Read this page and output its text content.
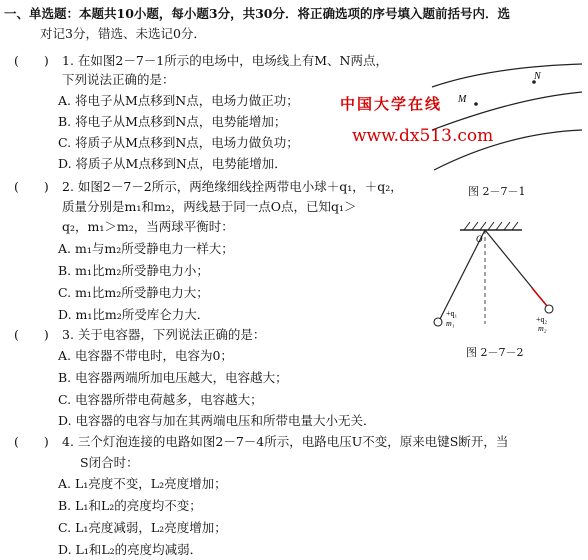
一、单选题：本题共10小题，每小题3分，共30分．将正确选项的序号填入题前括号内．选
对记3分，错选、未选记0分．
(　　) 1. 在如图2－7－1所示的电场中，电场线上有M、N两点，
下列说法正确的是：
A. 将电子从M点移到N点，电场力做正功；
B. 将电子从M点移到N点，电势能增加；
C. 将质子从M点移到N点，电场力做负功；
D. 将质子从M点移到N点，电势能增加．
(　　) 2. 如图2－7－2所示，两绝缘细线拴两带电小球＋q₁，＋q₂，
质量分别是m₁和m₂，两线悬于同一点O点，已知q₁＞
q₂，m₁＞m₂，当两球平衡时：
A. m₁与m₂所受静电力一样大；
B. m₁比m₂所受静电力小；
C. m₁比m₂所受静电力大；
D. m₁比m₂所受库仑力大．
(　　) 3. 关于电容器，下列说法正确的是：
A. 电容器不带电时，电容为0；
B. 电容器两端所加电压越大，电容越大；
C. 电容器所带电荷越多，电容越大；
D. 电容器的电容与加在其两端电压和所带电量大小无关．
(　　) 4. 三个灯泡连接的电路如图2－7－4所示，电路电压U不变，原来电键S断开，当
S闭合时：
A. L₁亮度不变，L₂亮度增加；
B. L₁和L₂的亮度均不变；
C. L₁亮度减弱，L₂亮度增加；
D. L₁和L₂的亮度均减弱．
M
N
图 2－7－1
中国大学在线
www.dx513.com
O
+q₁
m₁	+q₂
m₂
图 2－7－2
